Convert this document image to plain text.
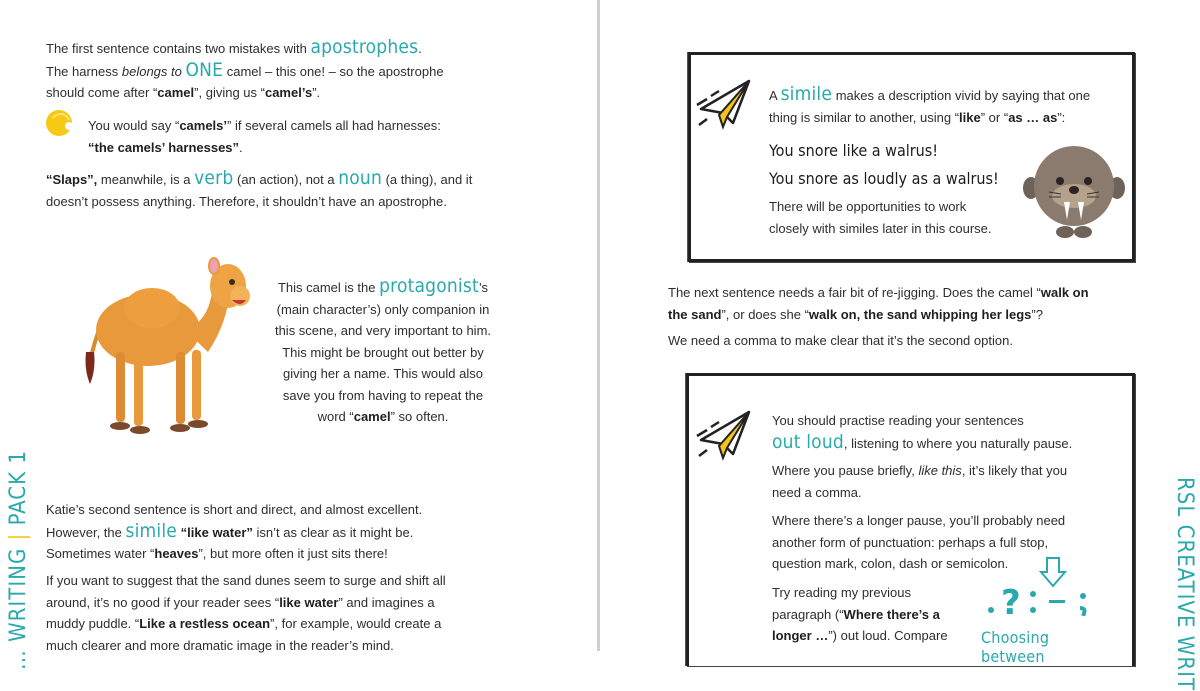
The first sentence contains two mistakes with apostrophes.
The harness belongs to ONE camel – this one! – so the apostrophe
should come after “camel”, giving us “camel’s”.

You would say “camels’” if several camels all had harnesses:
“the camels’ harnesses”.

“Slaps”, meanwhile, is a verb (an action), not a noun (a thing), and it
doesn’t possess anything. Therefore, it shouldn’t have an apostrophe.

This camel is the protagonist’s
(main character’s) only companion in
this scene, and very important to him.
This might be brought out better by
giving her a name. This would also
save you from having to repeat the
word “camel” so often.

Katie’s second sentence is short and direct, and almost excellent.
However, the simile “like water” isn’t as clear as it might be.
Sometimes water “heaves”, but more often it just sits there!

If you want to suggest that the sand dunes seem to surge and shift all
around, it’s no good if your reader sees “like water” and imagines a
muddy puddle. “Like a restless ocean”, for example, would create a
much clearer and more dramatic image in the reader’s mind.

… WRITING | PACK 1
A simile makes a description vivid by saying that one
thing is similar to another, using “like” or “as … as”:
You snore like a walrus!
You snore as loudly as a walrus!
There will be opportunities to work
closely with similes later in this course.

The next sentence needs a fair bit of re-jigging. Does the camel “walk on
the sand”, or does she “walk on, the sand whipping her legs”?

We need a comma to make clear that it’s the second option.

You should practise reading your sentences
out loud, listening to where you naturally pause.
Where you pause briefly, like this, it’s likely that you
need a comma.
Where there’s a longer pause, you’ll probably need
another form of punctuation: perhaps a full stop,
question mark, colon, dash or semicolon.
Try reading my previous
paragraph (“Where there’s a
longer …”) out loud. Compare
?
Choosing between	RSL CREATIVE WRIT
